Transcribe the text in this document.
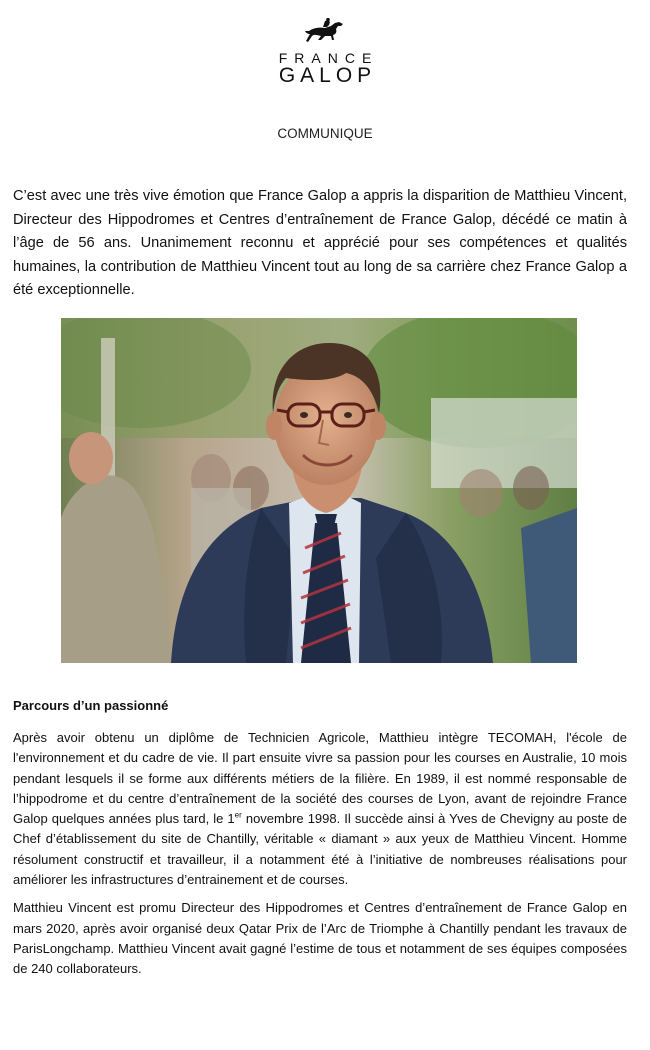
FRANCE
GALOP
COMMUNIQUE

C’est avec une très vive émotion que France Galop a appris la disparition de Matthieu Vincent, Directeur des Hippodromes et Centres d’entraînement de France Galop, décédé ce matin à l’âge de 56 ans. Unanimement reconnu et apprécié pour ses compétences et qualités humaines, la contribution de Matthieu Vincent tout au long de sa carrière chez France Galop a été exceptionnelle.

Parcours d’un passionné

Après avoir obtenu un diplôme de Technicien Agricole, Matthieu intègre TECOMAH, l'école de l'environnement et du cadre de vie. Il part ensuite vivre sa passion pour les courses en Australie, 10 mois pendant lesquels il se forme aux différents métiers de la filière. En 1989, il est nommé responsable de l’hippodrome et du centre d’entraînement de la société des courses de Lyon, avant de rejoindre France Galop quelques années plus tard, le 1er novembre 1998. Il succède ainsi à Yves de Chevigny au poste de Chef d’établissement du site de Chantilly, véritable « diamant » aux yeux de Matthieu Vincent. Homme résolument constructif et travailleur, il a notamment été à l’initiative de nombreuses réalisations pour améliorer les infrastructures d’entrainement et de courses.

Matthieu Vincent est promu Directeur des Hippodromes et Centres d’entraînement de France Galop en mars 2020, après avoir organisé deux Qatar Prix de l’Arc de Triomphe à Chantilly pendant les travaux de ParisLongchamp. Matthieu Vincent avait gagné l’estime de tous et notamment de ses équipes composées de 240 collaborateurs.
